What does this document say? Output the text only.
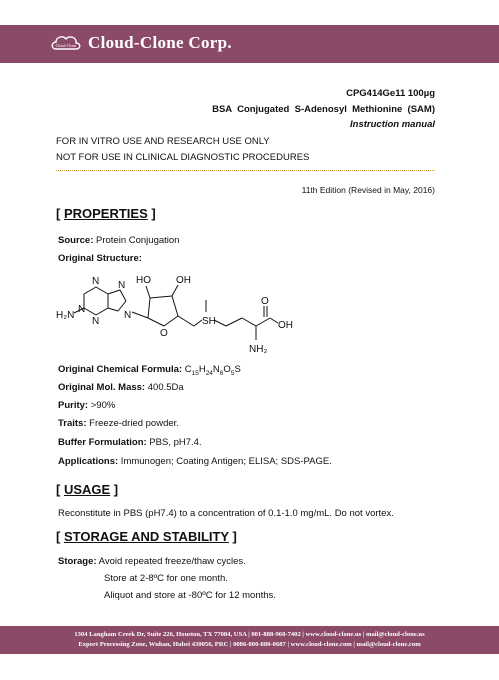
Cloud-Clone Cloud-Clone Corp.
CPG414Ge11 100µg
BSA  Conjugated  S-Adenosyl  Methionine  (SAM)
Instruction manual
FOR IN VITRO USE AND RESEARCH USE ONLY
NOT FOR USE IN CLINICAL DIAGNOSTIC PROCEDURES
11th Edition (Revised in May, 2016)
[ PROPERTIES ]
Source: Protein Conjugation
Original Structure:
N
N
N
N
N
H₂N
HO	OH
O
SH
O
OH
NH₂
Original Chemical Formula: $C_{15}H_{24}N_6O_5S$
Original Mol. Mass: 400.5Da
Purity: >90%
Traits: Freeze-dried powder.
Buffer Formulation: PBS, pH7.4.
Applications: Immunogen; Coating Antigen; ELISA; SDS-PAGE.
[ USAGE ]
Reconstitute in PBS (pH7.4) to a concentration of 0.1-1.0 mg/mL. Do not vortex.
[ STORAGE AND STABILITY ]
Storage: Avoid repeated freeze/thaw cycles.
Store at 2-8ºC for one month.
Aliquot and store at -80ºC for 12 months.
1304 Langham Creek Dr, Suite 226, Houston, TX 77084, USA | 001-888-960-7402 | www.cloud-clone.us | mail@cloud-clone.us
Export Processing Zone, Wuhan, Hubei 430056, PRC | 0086-800-880-0687 | www.cloud-clone.com | mail@cloud-clone.com
